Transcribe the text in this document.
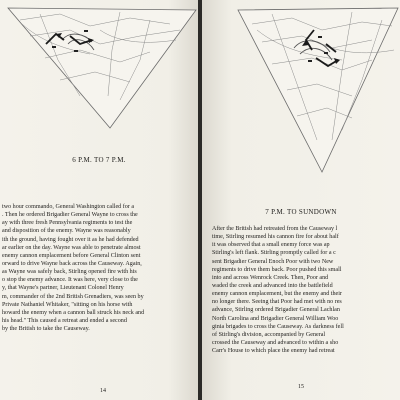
6 P.M. TO 7 P.M.
two hour commando, General Washington called for a
. Then he ordered Brigadier General Wayne to cross the
ay with three fresh Pennsylvania regiments to test the
and disposition of the enemy. Wayne was reasonably
ith the ground, having fought over it as he had defended
ar earlier on the day. Wayne was able to penetrate almost
enemy cannon emplacement before General Clinton sent
orward to drive Wayne back across the Causeway. Again,
as Wayne was safely back, Stirling opened fire with his
o stop the enemy advance. It was here, very close to the
y, that Wayne's partner, Lieutenant Colonel Henry
m, commander of the 2nd British Grenadiers, was seen by
Private Nathaniel Whitaker, "sitting on his horse with
howard the enemy when a cannon ball struck his neck and
his head." This caused a retreat and ended a second
by the British to take the Causeway.
14
7 P.M. TO SUNDOWN
After the British had retreated from the Causeway l
time, Stirling resumed his cannon fire for about half
it was observed that a small enemy force was ap
Stirling's left flank. Stirling promptly called for a c
sent Brigadier General Enoch Poor with two New
regiments to drive them back. Poor pushed this small
into and across Wenrock Creek. Then, Poor and
waded the creek and advanced into the battlefield
enemy cannon emplacement, but the enemy and their
no longer there. Seeing that Poor had met with no res
advance, Stirling ordered Brigadier General Lachlan
North Carolina and Brigadier General William Woo
ginia brigades to cross the Causeway. As darkness fell
of Stirling's division, accompanied by General
crossed the Causeway and advanced to within a sho
Carr's House to which place the enemy had retreat
15
